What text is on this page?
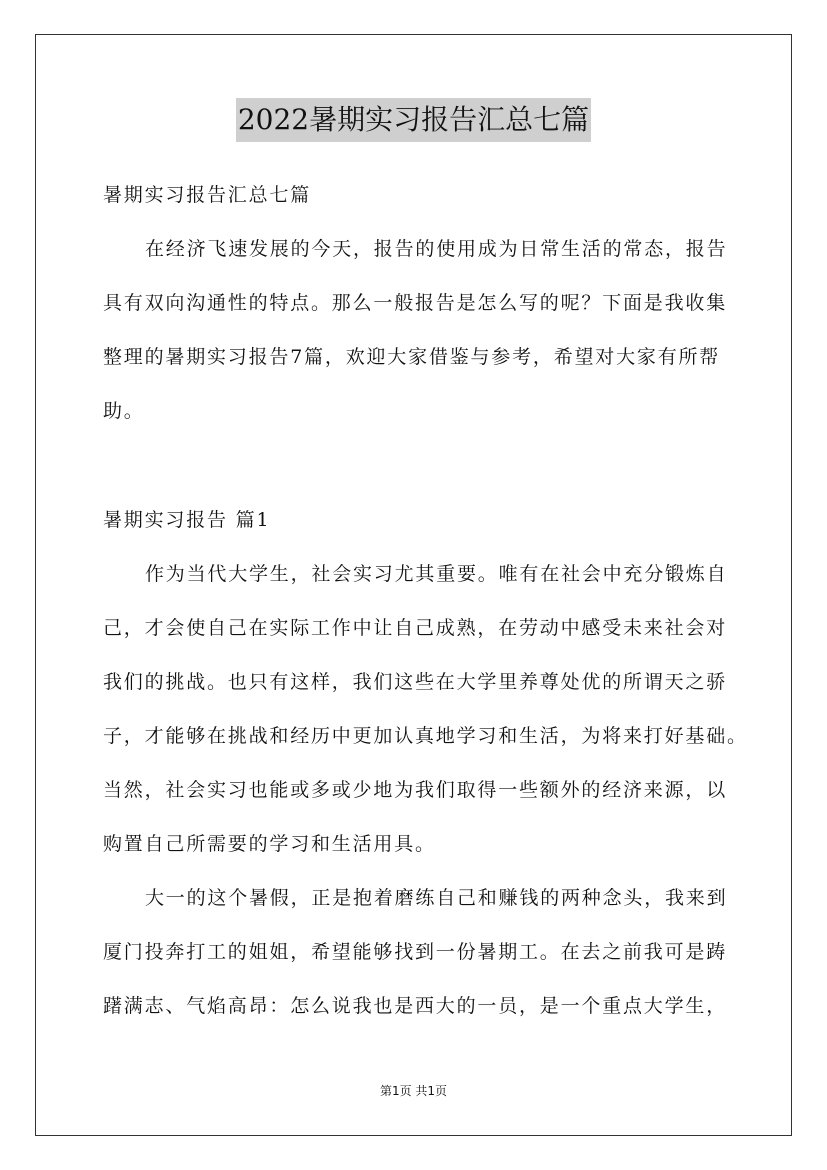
2022暑期实习报告汇总七篇
暑期实习报告汇总七篇
在经济飞速发展的今天，报告的使用成为日常生活的常态，报告
具有双向沟通性的特点。那么一般报告是怎么写的呢？下面是我收集
整理的暑期实习报告7篇，欢迎大家借鉴与参考，希望对大家有所帮
助。
暑期实习报告 篇1
作为当代大学生，社会实习尤其重要。唯有在社会中充分锻炼自
己，才会使自己在实际工作中让自己成熟，在劳动中感受未来社会对
我们的挑战。也只有这样，我们这些在大学里养尊处优的所谓天之骄
子，才能够在挑战和经历中更加认真地学习和生活，为将来打好基础。
当然，社会实习也能或多或少地为我们取得一些额外的经济来源，以
购置自己所需要的学习和生活用具。
大一的这个暑假，正是抱着磨练自己和赚钱的两种念头，我来到
厦门投奔打工的姐姐，希望能够找到一份暑期工。在去之前我可是踌
躇满志、气焰高昂：怎么说我也是西大的一员，是一个重点大学生，
第1页 共1页
